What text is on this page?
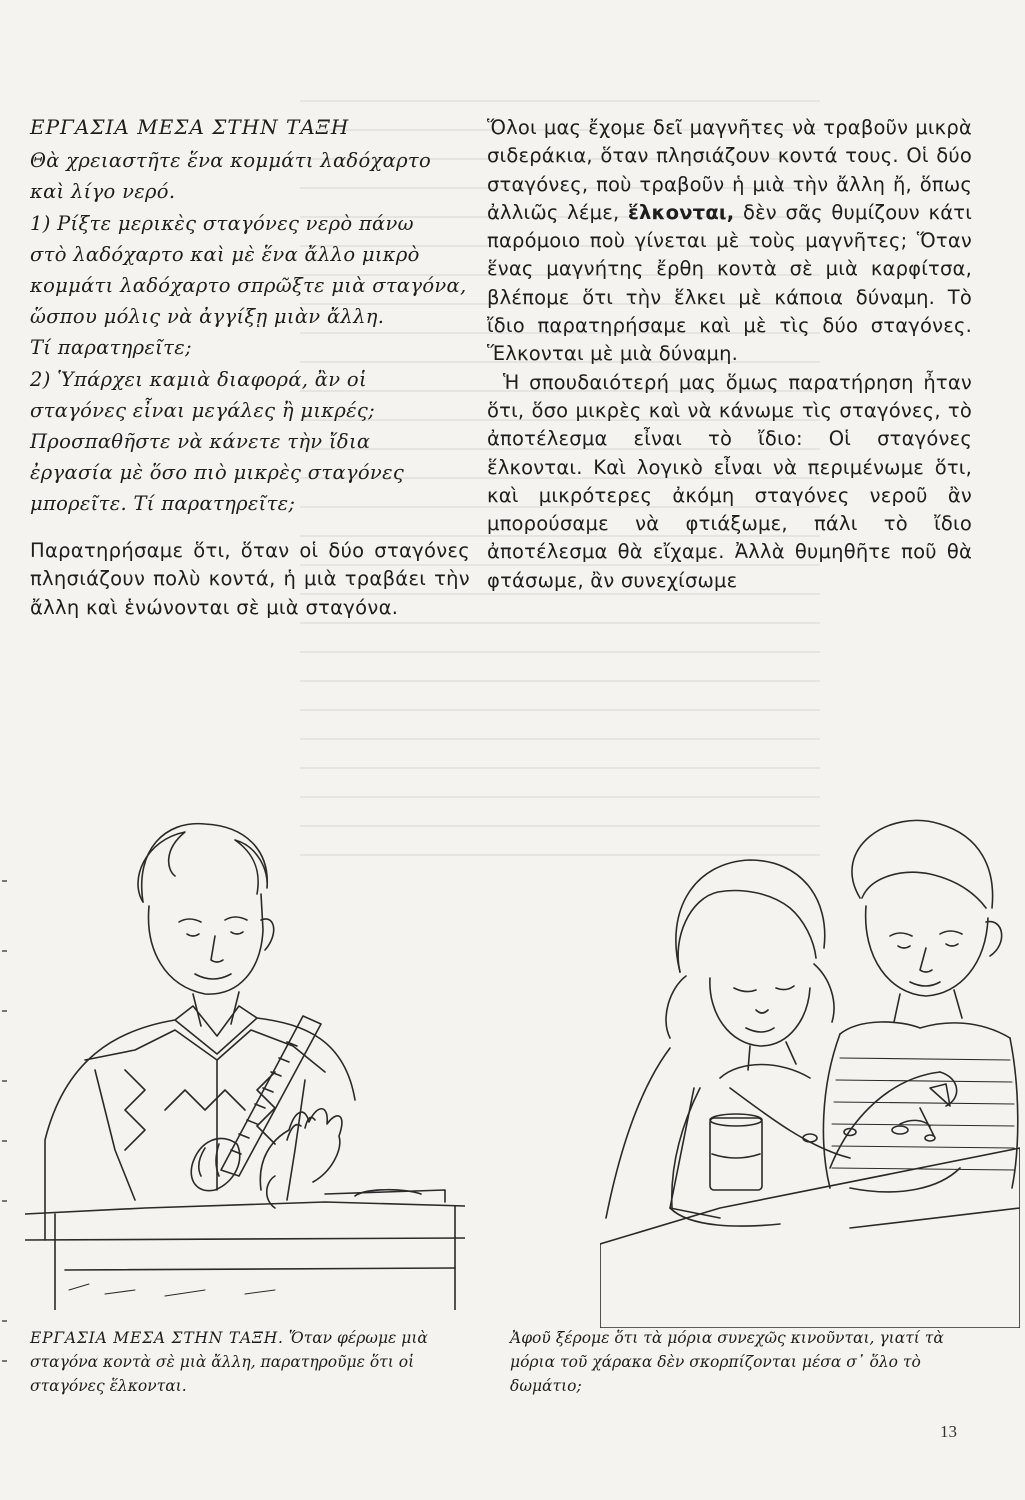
ΕΡΓΑΣΙΑ ΜΕΣΑ ΣΤΗΝ ΤΑΞΗ

Θὰ χρειαστῆτε ἕνα κομμάτι λαδόχαρτο

καὶ λίγο νερό.

1) Ρίξτε μερικὲς σταγόνες νερὸ πάνω

στὸ λαδόχαρτο καὶ μὲ ἕνα ἄλλο μικρὸ

κομμάτι λαδόχαρτο σπρῶξτε μιὰ σταγόνα,

ὥσπου μόλις νὰ ἀγγίξῃ μιὰν ἄλλη.

Τί παρατηρεῖτε;

2) Ὑπάρχει καμιὰ διαφορά, ἂν οἱ

σταγόνες εἶναι μεγάλες ἢ μικρές;

Προσπαθῆστε νὰ κάνετε τὴν ἴδια

ἐργασία μὲ ὅσο πιὸ μικρὲς σταγόνες

μπορεῖτε. Τί παρατηρεῖτε;

Παρατηρήσαμε ὅτι, ὅταν οἱ δύο σταγόνες πλησιάζουν πολὺ κοντά, ἡ μιὰ τραβάει τὴν ἄλλη καὶ ἑνώνονται σὲ μιὰ σταγόνα.

Ὅλοι μας ἔχομε δεῖ μαγνῆτες νὰ τραβοῦν μικρὰ σιδεράκια, ὅταν πλησιάζουν κοντά τους. Οἱ δύο σταγόνες, ποὺ τραβοῦν ἡ μιὰ τὴν ἄλλη ἤ, ὅπως ἀλλιῶς λέμε, ἕλκονται, δὲν σᾶς θυμίζουν κάτι παρόμοιο ποὺ γίνεται μὲ τοὺς μαγνῆτες; Ὅταν ἕνας μαγνήτης ἔρθη κοντὰ σὲ μιὰ καρφίτσα, βλέπομε ὅτι τὴν ἕλκει μὲ κάποια δύναμη. Τὸ ἴδιο παρατηρήσαμε καὶ μὲ τὶς δύο σταγόνες. Ἕλκονται μὲ μιὰ δύναμη.

Ἡ σπουδαιότερή μας ὅμως παρατήρηση ἦταν ὅτι, ὅσο μικρὲς καὶ νὰ κάνωμε τὶς σταγόνες, τὸ ἀποτέλεσμα εἶναι τὸ ἴδιο: Οἱ σταγόνες ἕλκονται. Καὶ λογικὸ εἶναι νὰ περιμένωμε ὅτι, καὶ μικρότερες ἀκόμη σταγόνες νεροῦ ἂν μπορούσαμε νὰ φτιάξωμε, πάλι τὸ ἴδιο ἀποτέλεσμα θὰ εἴχαμε. Ἀλλὰ θυμηθῆτε ποῦ θὰ φτάσωμε, ἂν συνεχίσωμε

ΕΡΓΑΣΙΑ ΜΕΣΑ ΣΤΗΝ ΤΑΞΗ. Ὅταν φέρωμε μιὰ σταγόνα κοντὰ σὲ μιὰ ἄλλη, παρατηροῦμε ὅτι οἱ σταγόνες ἕλκονται.
Ἀφοῦ ξέρομε ὅτι τὰ μόρια συνεχῶς κινοῦνται, γιατί τὰ μόρια τοῦ χάρακα δὲν σκορπίζονται μέσα σ᾽ ὅλο τὸ δωμάτιο;
13
